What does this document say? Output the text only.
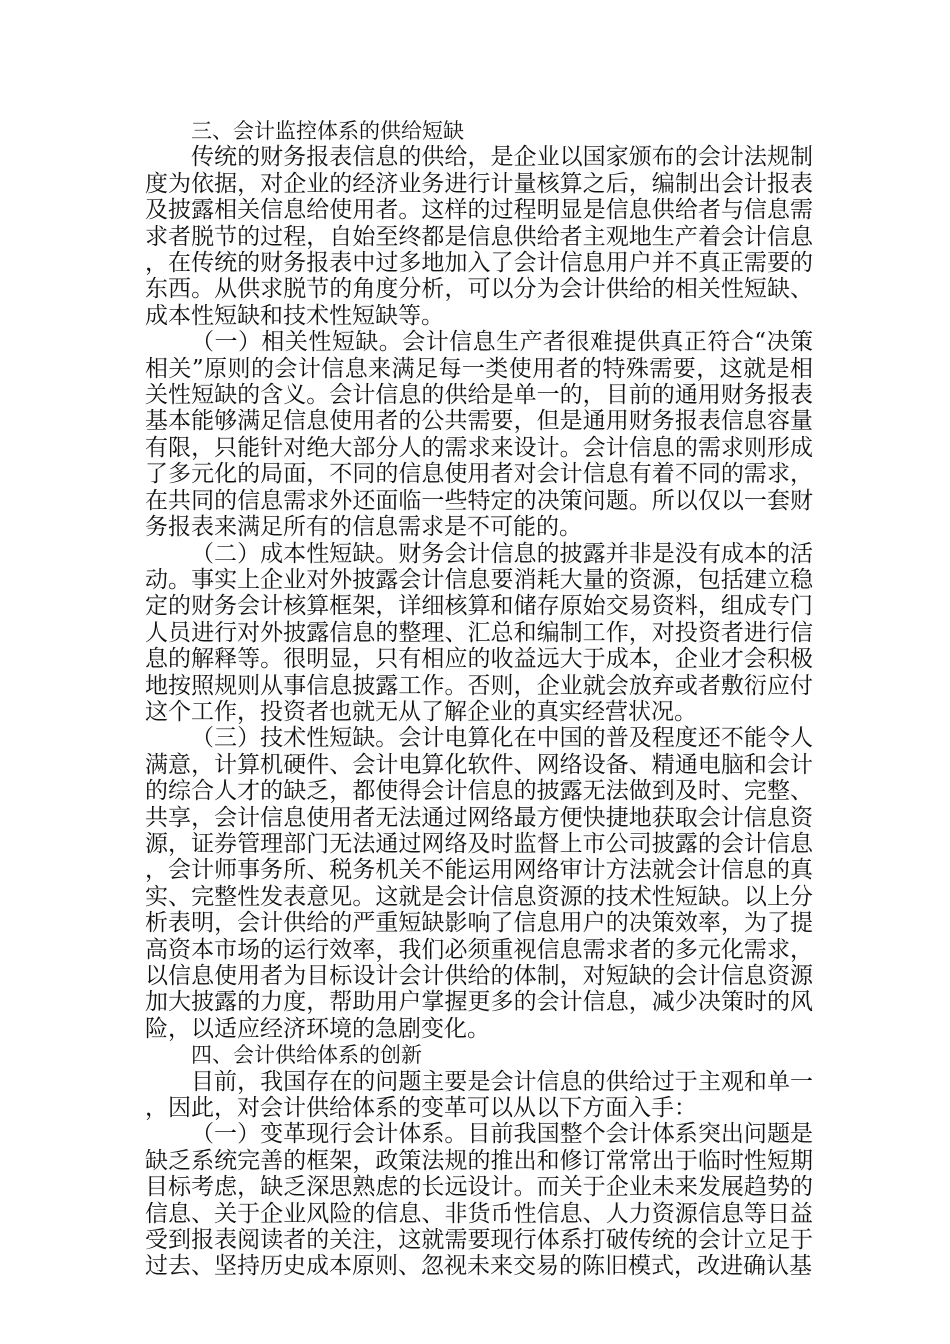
三、会计监控体系的供给短缺

传统的财务报表信息的供给，是企业以国家颁布的会计法规制度为依据，对企业的经济业务进行计量核算之后，编制出会计报表及披露相关信息给使用者。这样的过程明显是信息供给者与信息需求者脱节的过程，自始至终都是信息供给者主观地生产着会计信息，在传统的财务报表中过多地加入了会计信息用户并不真正需要的东西。从供求脱节的角度分析，可以分为会计供给的相关性短缺、成本性短缺和技术性短缺等。

（一）相关性短缺。会计信息生产者很难提供真正符合“决策相关”原则的会计信息来满足每一类使用者的特殊需要，这就是相关性短缺的含义。会计信息的供给是单一的，目前的通用财务报表基本能够满足信息使用者的公共需要，但是通用财务报表信息容量有限，只能针对绝大部分人的需求来设计。会计信息的需求则形成了多元化的局面，不同的信息使用者对会计信息有着不同的需求，在共同的信息需求外还面临一些特定的决策问题。所以仅以一套财务报表来满足所有的信息需求是不可能的。

（二）成本性短缺。财务会计信息的披露并非是没有成本的活动。事实上企业对外披露会计信息要消耗大量的资源，包括建立稳定的财务会计核算框架，详细核算和储存原始交易资料，组成专门人员进行对外披露信息的整理、汇总和编制工作，对投资者进行信息的解释等。很明显，只有相应的收益远大于成本，企业才会积极地按照规则从事信息披露工作。否则，企业就会放弃或者敷衍应付这个工作，投资者也就无从了解企业的真实经营状况。

（三）技术性短缺。会计电算化在中国的普及程度还不能令人满意，计算机硬件、会计电算化软件、网络设备、精通电脑和会计的综合人才的缺乏，都使得会计信息的披露无法做到及时、完整、共享，会计信息使用者无法通过网络最方便快捷地获取会计信息资源，证券管理部门无法通过网络及时监督上市公司披露的会计信息，会计师事务所、税务机关不能运用网络审计方法就会计信息的真实、完整性发表意见。这就是会计信息资源的技术性短缺。以上分析表明，会计供给的严重短缺影响了信息用户的决策效率，为了提高资本市场的运行效率，我们必须重视信息需求者的多元化需求，以信息使用者为目标设计会计供给的体制，对短缺的会计信息资源加大披露的力度，帮助用户掌握更多的会计信息，减少决策时的风险，以适应经济环境的急剧变化。

四、会计供给体系的创新

目前，我国存在的问题主要是会计信息的供给过于主观和单一，因此，对会计供给体系的变革可以从以下方面入手：

（一）变革现行会计体系。目前我国整个会计体系突出问题是缺乏系统完善的框架，政策法规的推出和修订常常出于临时性短期目标考虑，缺乏深思熟虑的长远设计。而关于企业未来发展趋势的信息、关于企业风险的信息、非货币性信息、人力资源信息等日益受到报表阅读者的关注，这就需要现行体系打破传统的会计立足于过去、坚持历史成本原则、忽视未来交易的陈旧模式，改进确认基
